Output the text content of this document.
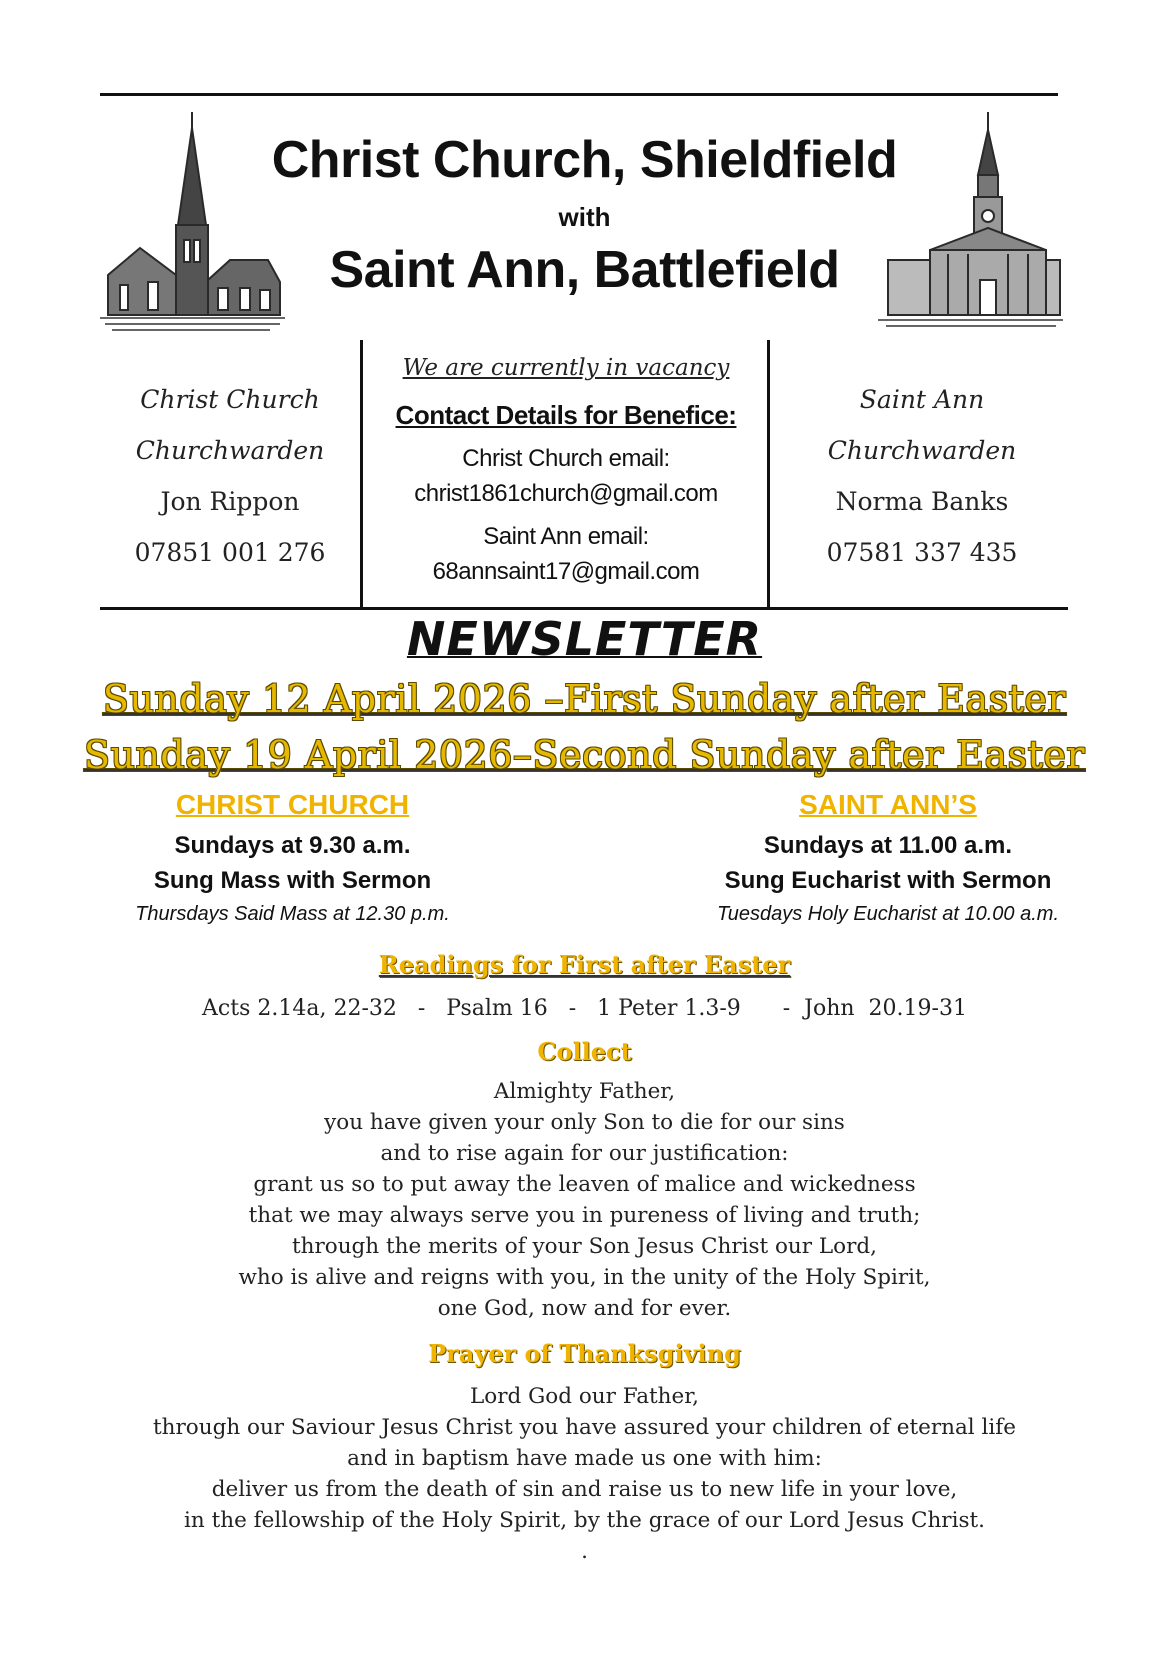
Christ Church, Shieldfield
with
Saint Ann, Battlefield
Christ Church
Churchwarden
Jon Rippon
07851 001 276
We are currently in vacancy
Contact Details for Benefice:
Christ Church email:
christ1861church@gmail.com
Saint Ann email:
68annsaint17@gmail.com
Saint Ann
Churchwarden
Norma Banks
07581 337 435
NEWSLETTER
Sunday 12 April 2026 –First Sunday after Easter
Sunday 19 April 2026–Second Sunday after Easter
CHRIST CHURCH
Sundays at 9.30 a.m.
Sung Mass with Sermon
Thursdays Said Mass at 12.30 p.m.
SAINT ANN’S
Sundays at 11.00 a.m.
Sung Eucharist with Sermon
Tuesdays Holy Eucharist at 10.00 a.m.
Readings for First after Easter
Acts 2.14a, 22-32   -   Psalm 16   -   1 Peter 1.3-9      -  John  20.19-31
Collect
Almighty Father,
you have given your only Son to die for our sins
and to rise again for our justification:
grant us so to put away the leaven of malice and wickedness
that we may always serve you in pureness of living and truth;
through the merits of your Son Jesus Christ our Lord,
who is alive and reigns with you, in the unity of the Holy Spirit,
one God, now and for ever.
Prayer of Thanksgiving
Lord God our Father,
through our Saviour Jesus Christ you have assured your children of eternal life
and in baptism have made us one with him:
deliver us from the death of sin and raise us to new life in your love,
in the fellowship of the Holy Spirit, by the grace of our Lord Jesus Christ.
.
